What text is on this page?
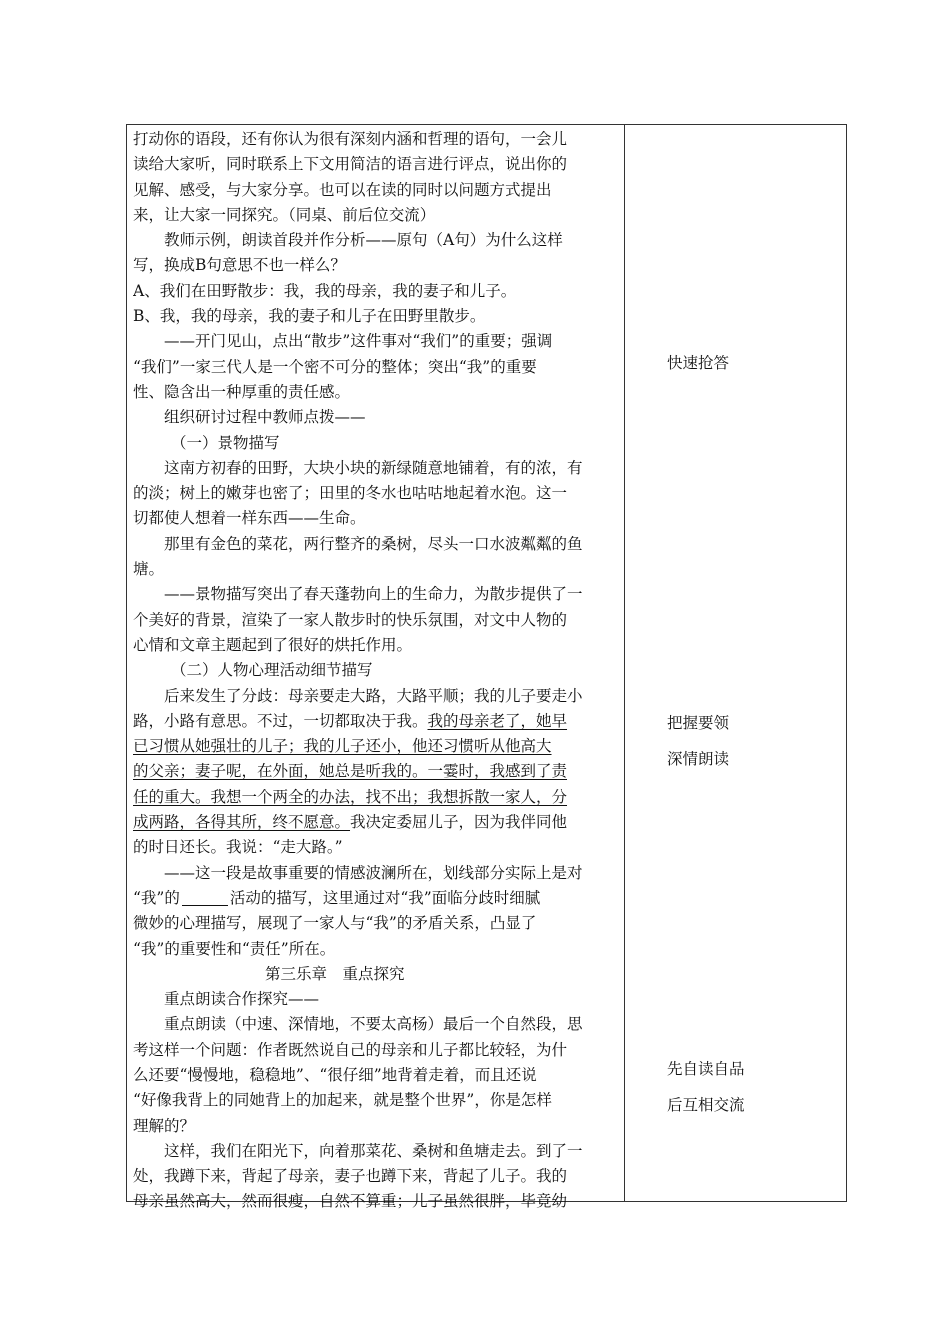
打动你的语段，还有你认为很有深刻内涵和哲理的语句，一会儿
读给大家听，同时联系上下文用简洁的语言进行评点，说出你的
见解、感受，与大家分享。也可以在读的同时以问题方式提出
来，让大家一同探究。（同桌、前后位交流）
教师示例，朗读首段并作分析——原句（A句）为什么这样
写，换成B句意思不也一样么？
A、我们在田野散步：我，我的母亲，我的妻子和儿子。
B、我，我的母亲，我的妻子和儿子在田野里散步。
——开门见山，点出“散步”这件事对“我们”的重要；强调
“我们”一家三代人是一个密不可分的整体；突出“我”的重要
性、隐含出一种厚重的责任感。
组织研讨过程中教师点拨——
（一）景物描写
这南方初春的田野，大块小块的新绿随意地铺着，有的浓，有
的淡；树上的嫩芽也密了；田里的冬水也咕咕地起着水泡。这一
切都使人想着一样东西——生命。
那里有金色的菜花，两行整齐的桑树，尽头一口水波粼粼的鱼
塘。
——景物描写突出了春天蓬勃向上的生命力，为散步提供了一
个美好的背景，渲染了一家人散步时的快乐氛围，对文中人物的
心情和文章主题起到了很好的烘托作用。
（二）人物心理活动细节描写
后来发生了分歧：母亲要走大路，大路平顺；我的儿子要走小
路，小路有意思。不过，一切都取决于我。我的母亲老了，她早
已习惯从她强壮的儿子；我的儿子还小，他还习惯听从他高大
的父亲；妻子呢，在外面，她总是听我的。一霎时，我感到了责
任的重大。我想一个两全的办法，找不出；我想拆散一家人，分
成两路，各得其所，终不愿意。我决定委屈儿子，因为我伴同他
的时日还长。我说：“走大路。”
——这一段是故事重要的情感波澜所在，划线部分实际上是对
“我”的	活动的描写，这里通过对“我”面临分歧时细腻
微妙的心理描写，展现了一家人与“我”的矛盾关系，凸显了
“我”的重要性和“责任”所在。
第三乐章　重点探究
重点朗读合作探究——
重点朗读（中速、深情地，不要太高杨）最后一个自然段，思
考这样一个问题：作者既然说自己的母亲和儿子都比较轻，为什
么还要“慢慢地，稳稳地”、“很仔细”地背着走着，而且还说
“好像我背上的同她背上的加起来，就是整个世界”，你是怎样
理解的？
这样，我们在阳光下，向着那菜花、桑树和鱼塘走去。到了一
处，我蹲下来，背起了母亲，妻子也蹲下来，背起了儿子。我的
母亲虽然高大，然而很瘦，自然不算重；儿子虽然很胖，毕竟幼
快速抢答
把握要领
深情朗读
先自读自品
后互相交流
